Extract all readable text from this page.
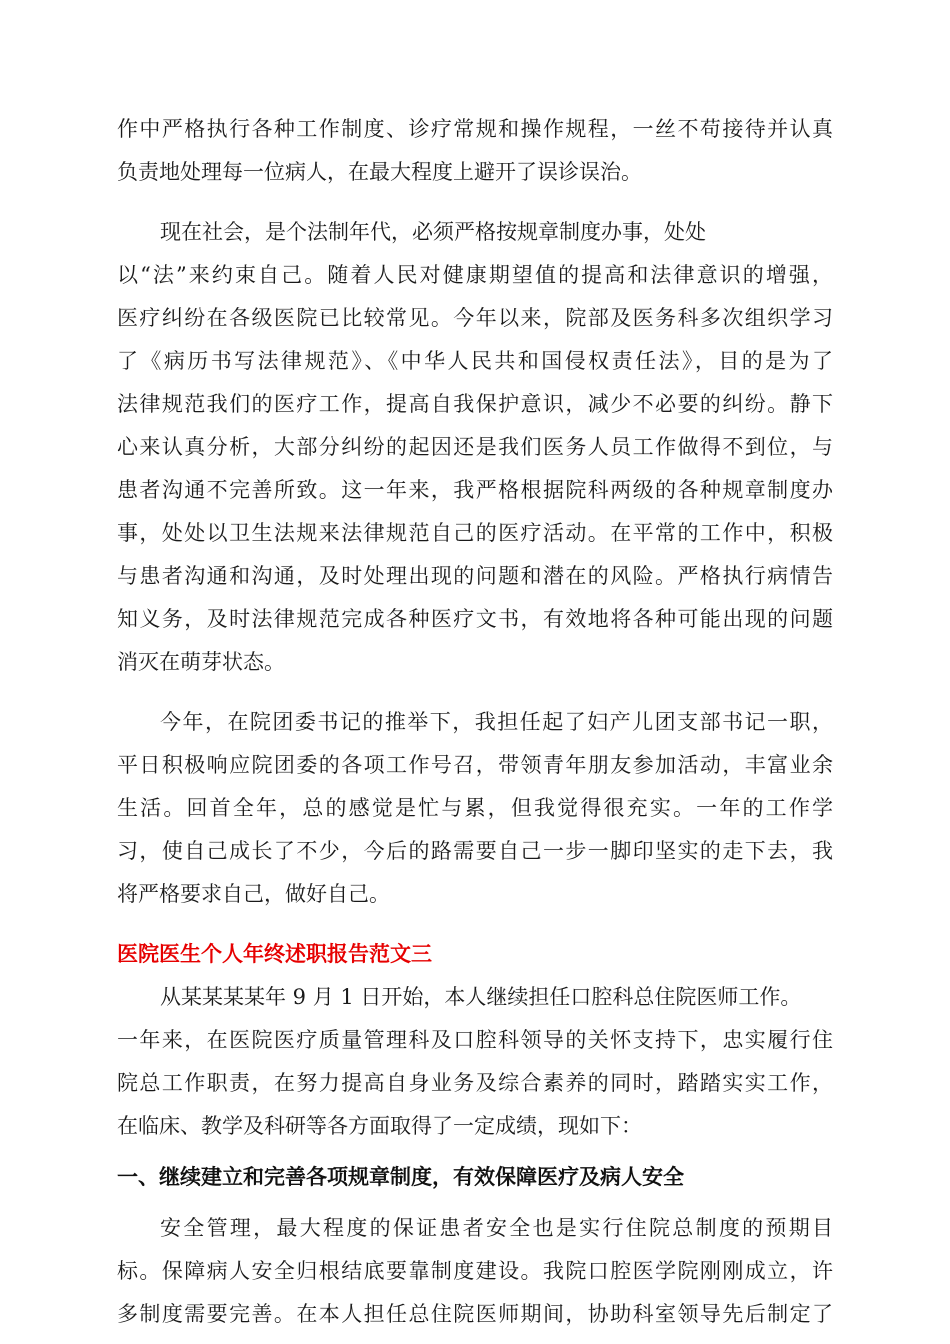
作中严格执行各种工作制度、诊疗常规和操作规程，一丝不苟接待并认真
负责地处理每一位病人，在最大程度上避开了误诊误治。
现在社会，是个法制年代，必须严格按规章制度办事，处处
以“法”来约束自己。随着人民对健康期望值的提高和法律意识的增强，
医疗纠纷在各级医院已比较常见。今年以来，院部及医务科多次组织学习
了《病历书写法律规范》、《中华人民共和国侵权责任法》，目的是为了
法律规范我们的医疗工作，提高自我保护意识，减少不必要的纠纷。静下
心来认真分析，大部分纠纷的起因还是我们医务人员工作做得不到位，与
患者沟通不完善所致。这一年来，我严格根据院科两级的各种规章制度办
事，处处以卫生法规来法律规范自己的医疗活动。在平常的工作中，积极
与患者沟通和沟通，及时处理出现的问题和潜在的风险。严格执行病情告
知义务，及时法律规范完成各种医疗文书，有效地将各种可能出现的问题
消灭在萌芽状态。
今年，在院团委书记的推举下，我担任起了妇产儿团支部书记一职，
平日积极响应院团委的各项工作号召，带领青年朋友参加活动，丰富业余
生活。回首全年，总的感觉是忙与累，但我觉得很充实。一年的工作学
习，使自己成长了不少，今后的路需要自己一步一脚印坚实的走下去，我
将严格要求自己，做好自己。
医院医生个人年终述职报告范文三
从某某某某年 9 月 1 日开始，本人继续担任口腔科总住院医师工作。
一年来，在医院医疗质量管理科及口腔科领导的关怀支持下，忠实履行住
院总工作职责，在努力提高自身业务及综合素养的同时，踏踏实实工作，
在临床、教学及科研等各方面取得了一定成绩，现如下：
一、继续建立和完善各项规章制度，有效保障医疗及病人安全
安全管理，最大程度的保证患者安全也是实行住院总制度的预期目
标。保障病人安全归根结底要靠制度建设。我院口腔医学院刚刚成立，许
多制度需要完善。在本人担任总住院医师期间，协助科室领导先后制定了
